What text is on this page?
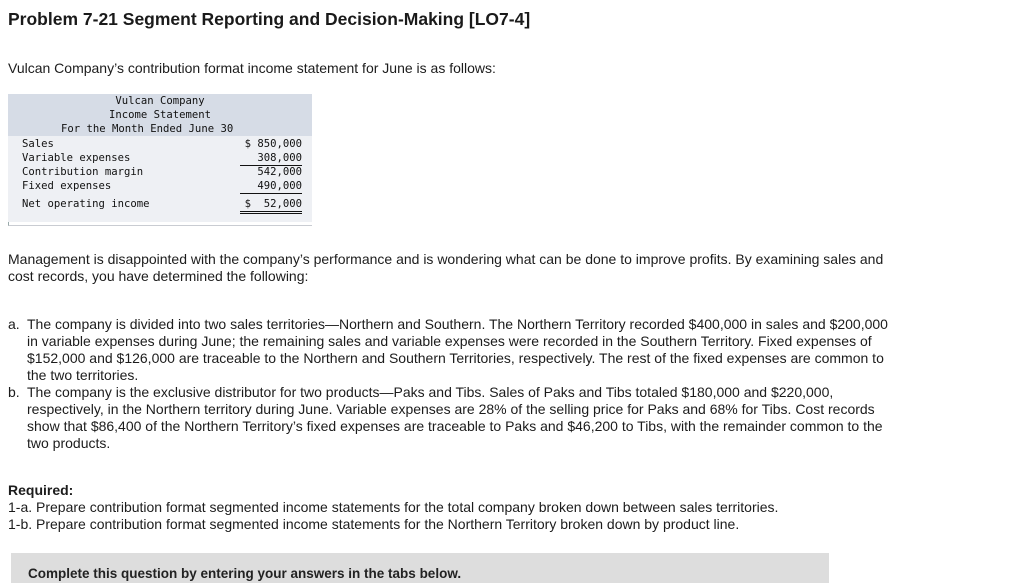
Problem 7-21 Segment Reporting and Decision-Making [LO7-4]

Vulcan Company’s contribution format income statement for June is as follows:

Vulcan Company
Income Statement
For the Month Ended June 30
Sales	$ 850,000
Variable expenses	308,000
Contribution margin	542,000
Fixed expenses	490,000
Net operating income	$  52,000

Management is disappointed with the company’s performance and is wondering what can be done to improve profits. By examining sales and cost records, you have determined the following:

a. The company is divided into two sales territories—Northern and Southern. The Northern Territory recorded $400,000 in sales and $200,000 in variable expenses during June; the remaining sales and variable expenses were recorded in the Southern Territory. Fixed expenses of $152,000 and $126,000 are traceable to the Northern and Southern Territories, respectively. The rest of the fixed expenses are common to the two territories.
b. The company is the exclusive distributor for two products—Paks and Tibs. Sales of Paks and Tibs totaled $180,000 and $220,000, respectively, in the Northern territory during June. Variable expenses are 28% of the selling price for Paks and 68% for Tibs. Cost records show that $86,400 of the Northern Territory’s fixed expenses are traceable to Paks and $46,200 to Tibs, with the remainder common to the two products.
Required:
1-a. Prepare contribution format segmented income statements for the total company broken down between sales territories.
1-b. Prepare contribution format segmented income statements for the Northern Territory broken down by product line.
Complete this question by entering your answers in the tabs below.
